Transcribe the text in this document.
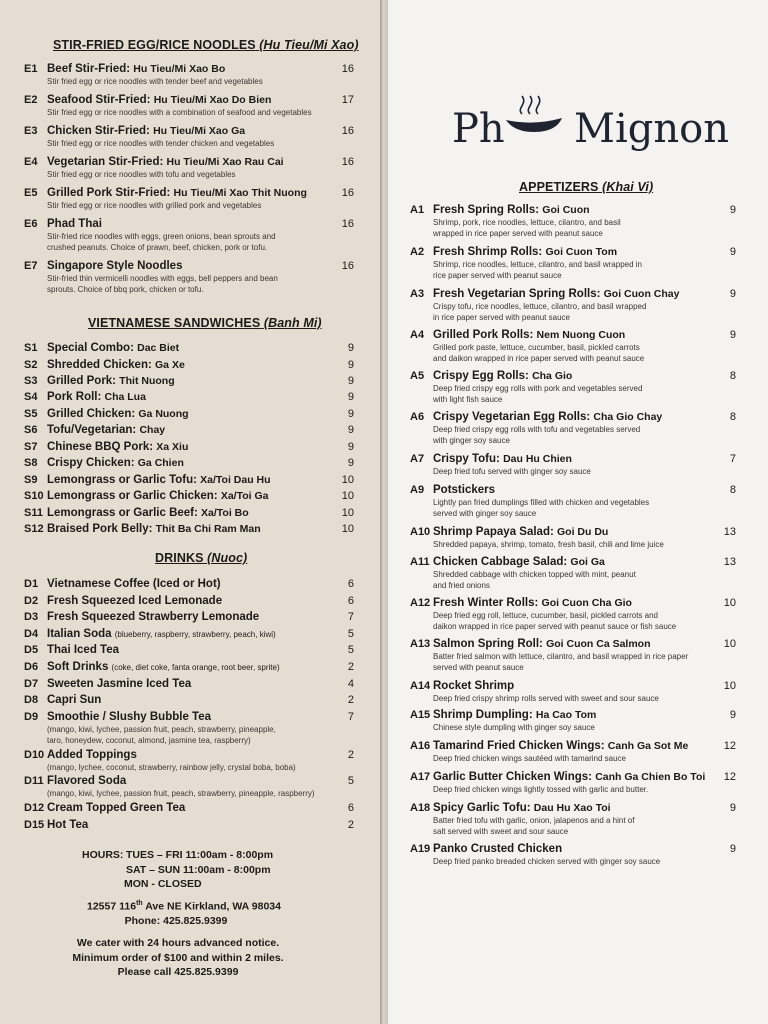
STIR-FRIED EGG/RICE NOODLES (Hu Tieu/Mi Xao)
VIETNAMESE SANDWICHES (Banh Mi)
DRINKS (Nuoc)
APPETIZERS (Khai Vi)
Ph Mignon
E1 Beef Stir-Fried: Hu Tieu/Mi Xao Bo	16
Stir fried egg or rice noodles with tender beef and vegetables
E2 Seafood Stir-Fried: Hu Tieu/Mi Xao Do Bien	17
Stir fried egg or rice noodles with a combination of seafood and vegetables
E3 Chicken Stir-Fried: Hu Tieu/Mi Xao Ga	16
Stir fried egg or rice noodles with tender chicken and vegetables
E4 Vegetarian Stir-Fried: Hu Tieu/Mi Xao Rau Cai	16
Stir fried egg or rice noodles with tofu and vegetables
E5 Grilled Pork Stir-Fried: Hu Tieu/Mi Xao Thit Nuong	16
Stir fried egg or rice noodles with grilled pork and vegetables
E6 Phad Thai	16
Stir-fried rice noodles with eggs, green onions, bean sprouts and
crushed peanuts. Choice of prawn, beef, chicken, pork or tofu.
E7 Singapore Style Noodles	16
Stir-fried thin vermicelli noodles with eggs, bell peppers and bean
sprouts. Choice of bbq pork, chicken or tofu.
S1 Special Combo: Dac Biet	9
S2 Shredded Chicken: Ga Xe	9
S3 Grilled Pork: Thit Nuong	9
S4 Pork Roll: Cha Lua	9
S5 Grilled Chicken: Ga Nuong	9
S6 Tofu/Vegetarian: Chay	9
S7 Chinese BBQ Pork: Xa Xiu	9
S8 Crispy Chicken: Ga Chien	9
S9 Lemongrass or Garlic Tofu: Xa/Toi Dau Hu	10
S10 Lemongrass or Garlic Chicken: Xa/Toi Ga	10
S11 Lemongrass or Garlic Beef: Xa/Toi Bo	10
S12 Braised Pork Belly: Thit Ba Chi Ram Man	10
D1 Vietnamese Coffee (Iced or Hot)	6
D2 Fresh Squeezed Iced Lemonade	6
D3 Fresh Squeezed Strawberry Lemonade	7
D4 Italian Soda (blueberry, raspberry, strawberry, peach, kiwi)	5
D5 Thai Iced Tea	5
D6 Soft Drinks (coke, diet coke, fanta orange, root beer, sprite)	2
D7 Sweeten Jasmine Iced Tea	4
D8 Capri Sun	2
D9 Smoothie / Slushy Bubble Tea	7
(mango, kiwi, lychee, passion fruit, peach, strawberry, pineapple,
taro, honeydew, coconut, almond, jasmine tea, raspberry)
D10 Added Toppings	2
(mango, lychee, coconut, strawberry, rainbow jelly, crystal boba, boba)
D11 Flavored Soda	5
(mango, kiwi, lychee, passion fruit, peach, strawberry, pineapple, raspberry)
D12 Cream Topped Green Tea	6
D15 Hot Tea	2
A1 Fresh Spring Rolls: Goi Cuon	9
Shrimp, pork, rice noodles, lettuce, cilantro, and basil
wrapped in rice paper served with peanut sauce
A2 Fresh Shrimp Rolls: Goi Cuon Tom	9
Shrimp, rice noodles, lettuce, cilantro, and basil wrapped in
rice paper served with peanut sauce
A3 Fresh Vegetarian Spring Rolls: Goi Cuon Chay	9
Crispy tofu, rice noodles, lettuce, cilantro, and basil wrapped
in rice paper served with peanut sauce
A4 Grilled Pork Rolls: Nem Nuong Cuon	9
Grilled pork paste, lettuce, cucumber, basil, pickled carrots
and daikon wrapped in rice paper served with peanut sauce
A5 Crispy Egg Rolls: Cha Gio	8
Deep fried crispy egg rolls with pork and vegetables served
with light fish sauce
A6 Crispy Vegetarian Egg Rolls: Cha Gio Chay	8
Deep fried crispy egg rolls with tofu and vegetables served
with ginger soy sauce
A7 Crispy Tofu: Dau Hu Chien	7
Deep fried tofu served with ginger soy sauce
A9 Potstickers	8
Lightly pan fried dumplings filled with chicken and vegetables
served with ginger soy sauce
A10 Shrimp Papaya Salad: Goi Du Du	13
Shredded papaya, shrimp, tomato, fresh basil, chili and lime juice
A11 Chicken Cabbage Salad: Goi Ga	13
Shredded cabbage with chicken topped with mint, peanut
and fried onions
A12 Fresh Winter Rolls: Goi Cuon Cha Gio	10
Deep fried egg roll, lettuce, cucumber, basil, pickled carrots and
daikon wrapped in rice paper served with peanut sauce or fish sauce
A13 Salmon Spring Roll: Goi Cuon Ca Salmon	10
Batter fried salmon with lettuce, cilantro, and basil wrapped in rice paper
served with peanut sauce
A14 Rocket Shrimp	10
Deep fried crispy shrimp rolls served with sweet and sour sauce
A15 Shrimp Dumpling: Ha Cao Tom	9
Chinese style dumpling with ginger soy sauce
A16 Tamarind Fried Chicken Wings: Canh Ga Sot Me	12
Deep fried chicken wings sautéed with tamarind sauce
A17 Garlic Butter Chicken Wings: Canh Ga Chien Bo Toi	12
Deep fried chicken wings lightly tossed with garlic and butter.
A18 Spicy Garlic Tofu: Dau Hu Xao Toi	9
Batter fried tofu with garlic, onion, jalapenos and a hint of
salt served with sweet and sour sauce
A19 Panko Crusted Chicken	9
Deep fried panko breaded chicken served with ginger soy sauce
HOURS: TUES – FRI 11:00am - 8:00pm
SAT – SUN 11:00am - 8:00pm
MON - CLOSED
12557 116th Ave NE Kirkland, WA 98034
Phone: 425.825.9399
We cater with 24 hours advanced notice.
Minimum order of $100 and within 2 miles.
Please call 425.825.9399
